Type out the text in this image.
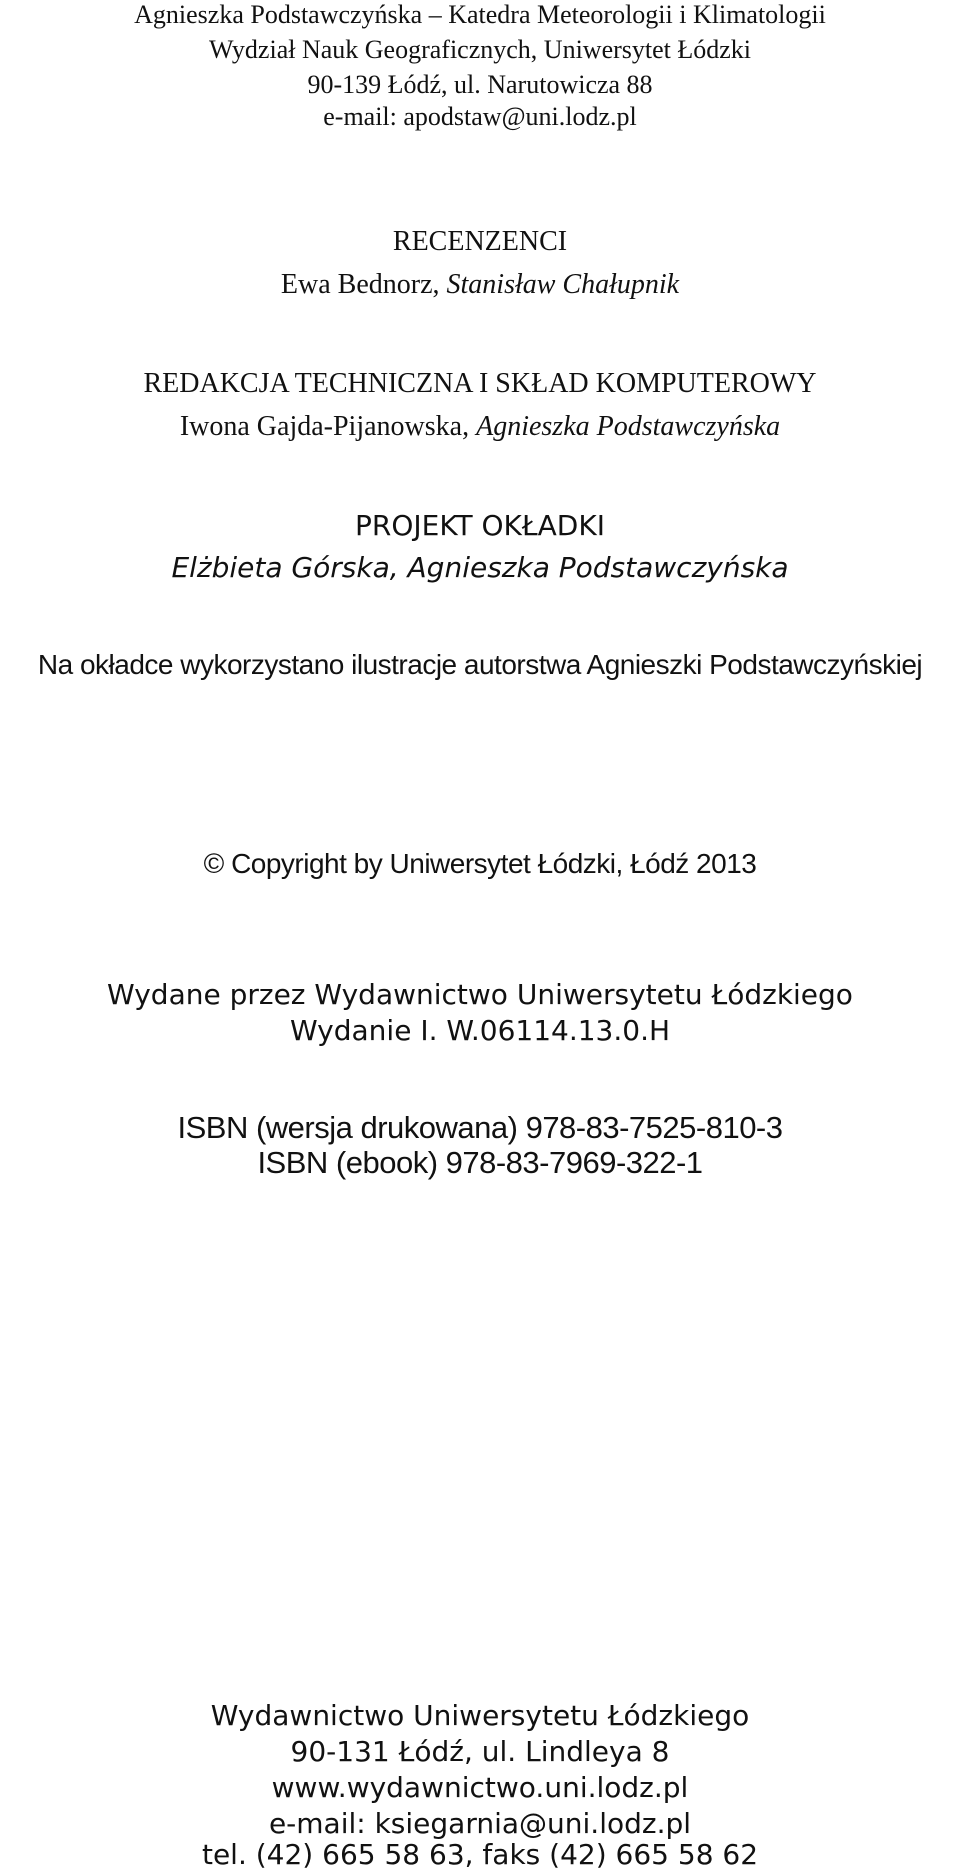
Agnieszka Podstawczyńska – Katedra Meteorologii i Klimatologii
Wydział Nauk Geograficznych, Uniwersytet Łódzki
90-139 Łódź, ul. Narutowicza 88
e-mail: apodstaw@uni.lodz.pl
RECENZENCI
Ewa Bednorz, Stanisław Chałupnik
REDAKCJA TECHNICZNA I SKŁAD KOMPUTEROWY
Iwona Gajda-Pijanowska, Agnieszka Podstawczyńska
PROJEKT OKŁADKI
Elżbieta Górska, Agnieszka Podstawczyńska
Na okładce wykorzystano ilustracje autorstwa Agnieszki Podstawczyńskiej
© Copyright by Uniwersytet Łódzki, Łódź 2013
Wydane przez Wydawnictwo Uniwersytetu Łódzkiego
Wydanie I. W.06114.13.0.H
ISBN (wersja drukowana) 978-83-7525-810-3
ISBN (ebook) 978-83-7969-322-1
Wydawnictwo Uniwersytetu Łódzkiego
90-131 Łódź, ul. Lindleya 8
www.wydawnictwo.uni.lodz.pl
e-mail: ksiegarnia@uni.lodz.pl
tel. (42) 665 58 63, faks (42) 665 58 62
